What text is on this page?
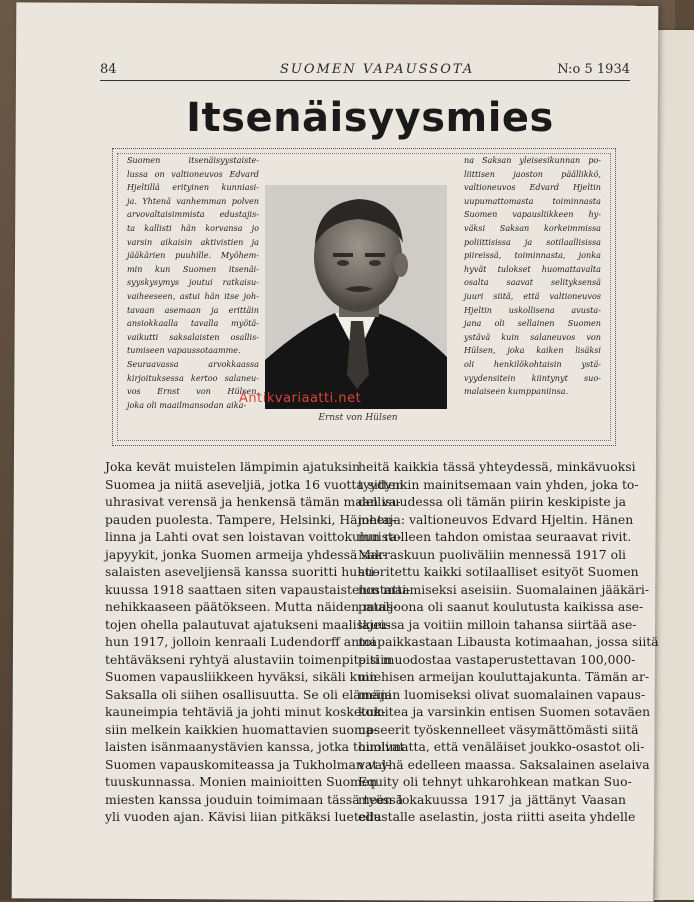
84	SUOMEN VAPAUSSOTA	N:o 5 1934
Itsenäisyysmies
Suomen itsenäisyystaiste-
lussa on valtioneuvos Edvard
Hjeltillä erityinen kunniasi-
ja. Yhtenä vanhemman polven
arvovaltaisimmista edustajis-
ta kallisti hän korvansa jo
varsin aikaisin aktivistien ja
jääkärien puuhille. Myöhem-
min kun Suomen itsenäi-
syyskysymys joutui ratkaisu-
vaiheeseen, astui hän itse joh-
tavaan asemaan ja erittäin
ansiokkaalla tavalla myötä-
vaikutti saksalaisten osallis-
tumiseen vapaussotaamme.
Seuraavassa arvokkaassa
kirjoituksessa kertoo salaneu-
vos Ernst von Hülsen,
joka oli maailmansodan aika-
Ernst von Hülsen
Antikvariaatti.net
na Saksan yleisesikunnan po-
liittisen jaoston päällikkö,
valtioneuvos Edvard Hjeltin
uupumattomasta toiminnasta
Suomen vapausliikkeen hy-
väksi Saksan korkeimmissa
poliittisissa ja sotilaallisissa
piireissä, toiminnasta, jonka
hyvät tulokset huomattavalta
osalta saavat selityksensä
juuri siitä, että valtioneuvos
Hjeltin uskollisena avusta-
jana oli sellainen Suomen
ystävä kuin salaneuvos von
Hülsen, joka kaiken lisäksi
oli henkilökohtaisin ystä-
vyydensitein kiintynyt suo-
malaiseen kumppaniinsa.
Joka kevät muistelen lämpimin ajatuksin
Suomea ja niitä aseveljiä, jotka 16 vuotta sitten
uhrasivat verensä ja henkensä tämän maan va-
pauden puolesta. Tampere, Helsinki, Hämeen-
linna ja Lahti ovat sen loistavan voittokulun ra-
japyykit, jonka Suomen armeija yhdessä sak-
salaisten aseveljiensä kanssa suoritti huhti-
kuussa 1918 saattaen siten vapaustaistelun mai-
nehikkaaseen päätökseen. Mutta näiden muis-
tojen ohella palautuvat ajatukseni maaliskuu-
hun 1917, jolloin kenraali Ludendorff antoi
tehtäväkseni ryhtyä alustaviin toimenpiteisiin
Suomen vapausliikkeen hyväksi, sikäli kuin
Saksalla oli siihen osallisuutta. Se oli elämäni
kauneimpia tehtäviä ja johti minut kosketuk-
siin melkein kaikkien huomattavien suoma-
laisten isänmaanystävien kanssa, jotka toimivat
Suomen vapauskomiteassa ja Tukholman val-
tuuskunnassa. Monien mainioitten Suomen
miesten kanssa jouduin toimimaan tässä työssä
yli vuoden ajan. Kävisi liian pitkäksi luetella
heitä kaikkia tässä yhteydessä, minkävuoksi
tyydynkin mainitsemaan vain yhden, joka to-
dellisuudessa oli tämän piirin keskipiste ja
johtaja: valtioneuvos Edvard Hjeltin. Hänen
muistolleen tahdon omistaa seuraavat rivit.
Marraskuun puoliväliin mennessä 1917 oli
suoritettu kaikki sotilaalliset esityöt Suomen
nostattamiseksi aseisiin. Suomalainen jääkäri-
pataljoona oli saanut koulutusta kaikissa ase-
lajeissa ja voitiin milloin tahansa siirtää ase-
mapaikkastaan Libausta kotimaahan, jossa siitä
piti muodostaa vastaperustettavan 100,000-
miehisen armeijan kouluttajakunta. Tämän ar-
meijan luomiseksi olivat suomalainen vapaus-
komitea ja varsinkin entisen Suomen sotaväen
upseerit työskennelleet väsymättömästi siitä
huolimatta, että venäläiset joukko-osastot oli-
vat yhä edelleen maassa. Saksalainen aselaiva
Equity oli tehnyt uhkarohkean matkan Suo-
meen lokakuussa 1917 ja jättänyt Vaasan
edustalle aselastin, josta riitti aseita yhdelle
